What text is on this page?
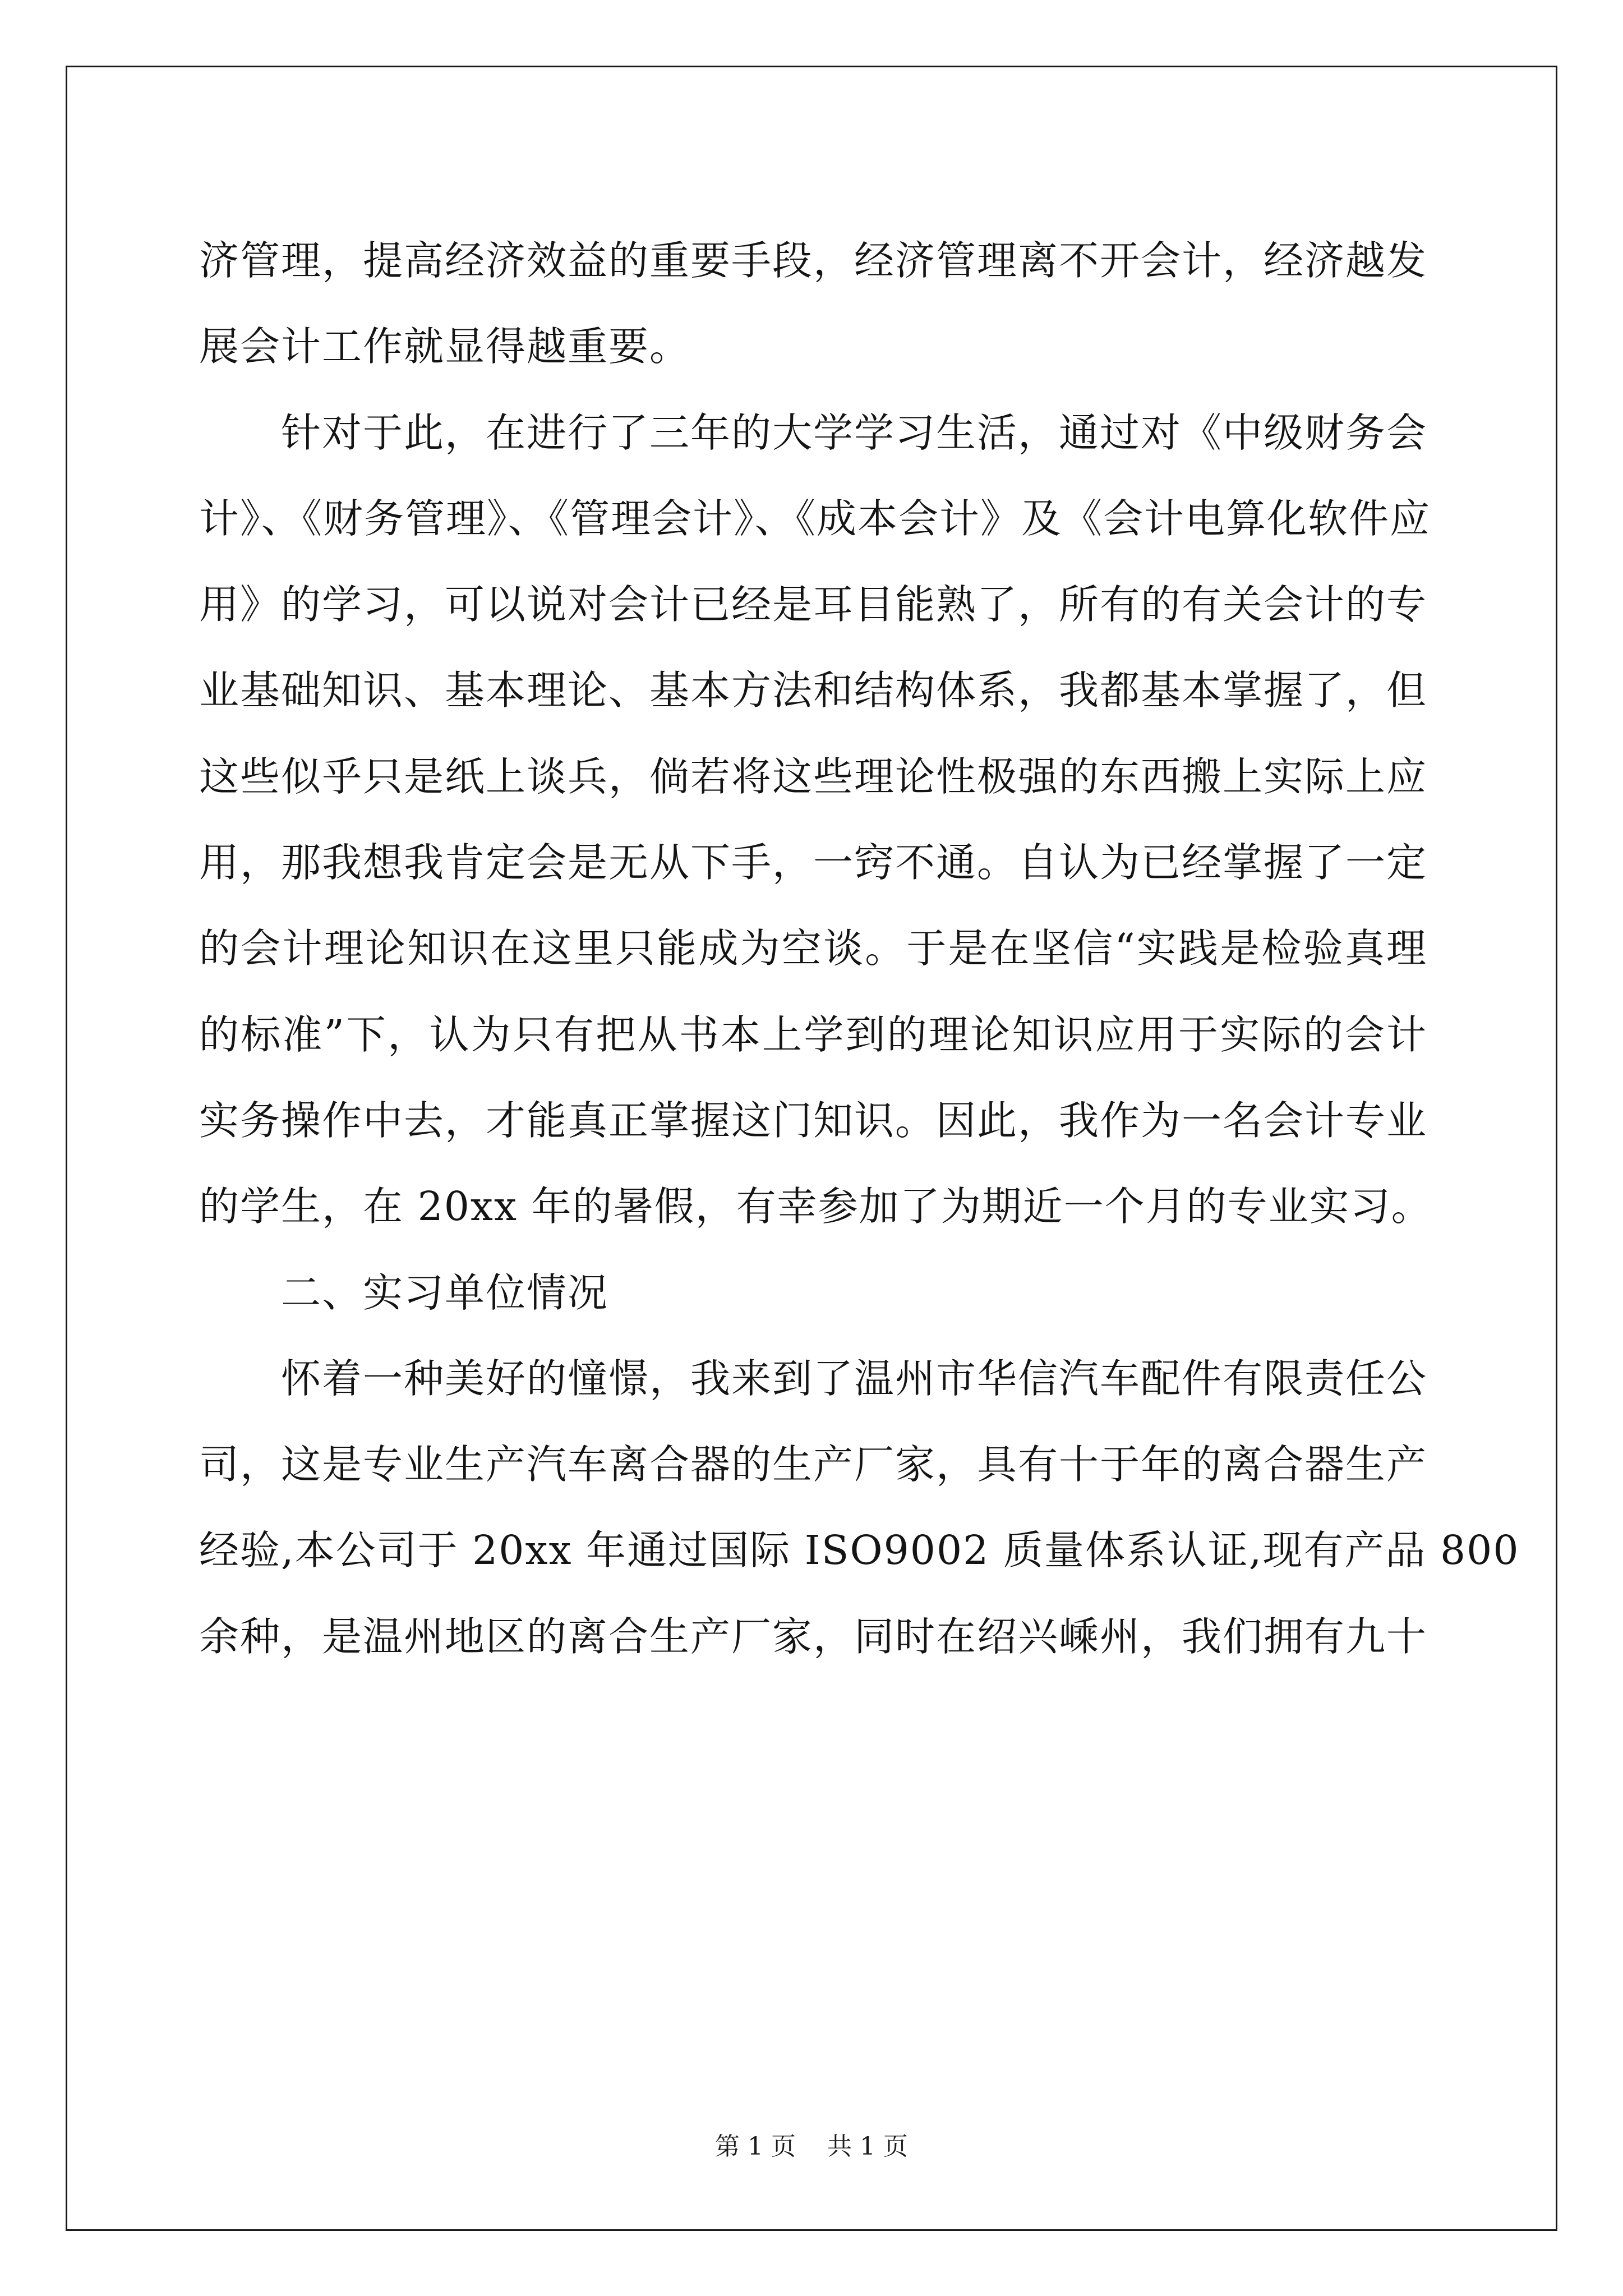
济管理，提高经济效益的重要手段，经济管理离不开会计，经济越发
展会计工作就显得越重要。
针对于此，在进行了三年的大学学习生活，通过对《中级财务会
计》、《财务管理》、《管理会计》、《成本会计》及《会计电算化软件应
用》的学习，可以说对会计已经是耳目能熟了，所有的有关会计的专
业基础知识、基本理论、基本方法和结构体系，我都基本掌握了，但
这些似乎只是纸上谈兵，倘若将这些理论性极强的东西搬上实际上应
用，那我想我肯定会是无从下手，一窍不通。自认为已经掌握了一定
的会计理论知识在这里只能成为空谈。于是在坚信“实践是检验真理
的标准”下，认为只有把从书本上学到的理论知识应用于实际的会计
实务操作中去，才能真正掌握这门知识。因此，我作为一名会计专业
的学生，在 20xx 年的暑假，有幸参加了为期近一个月的专业实习。
二、实习单位情况
怀着一种美好的憧憬，我来到了温州市华信汽车配件有限责任公
司，这是专业生产汽车离合器的生产厂家，具有十于年的离合器生产
经验,本公司于 20xx 年通过国际 ISO9002 质量体系认证,现有产品 800
余种，是温州地区的离合生产厂家，同时在绍兴嵊州，我们拥有九十
第 1 页    共 1 页
